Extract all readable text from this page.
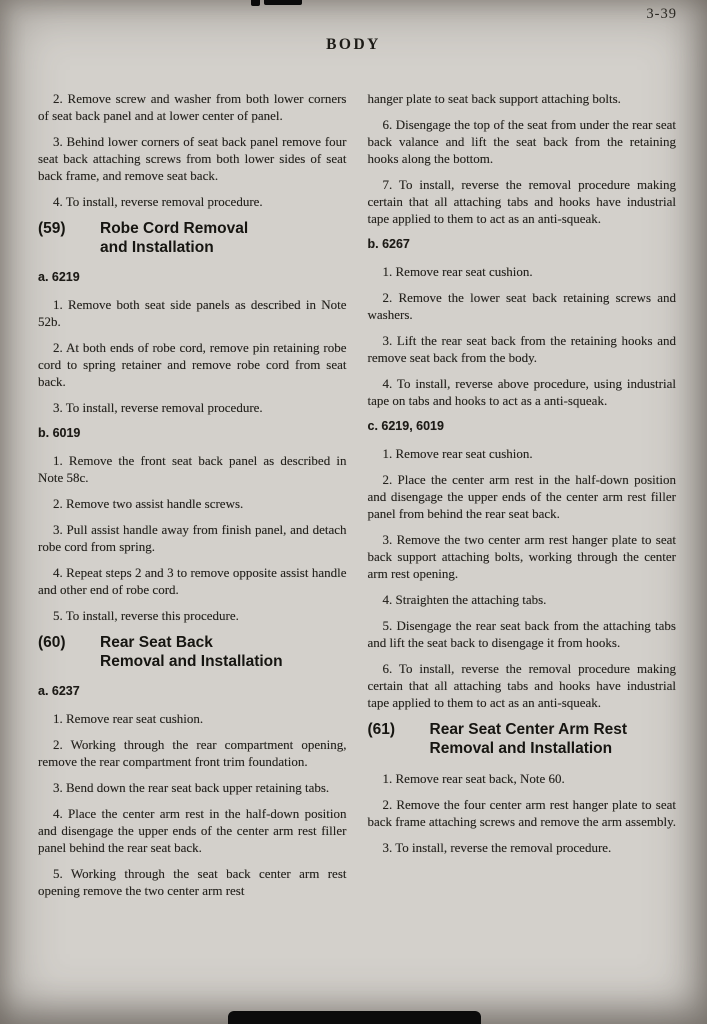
3-39
BODY

2. Remove screw and washer from both lower corners of seat back panel and at lower center of panel.

3. Behind lower corners of seat back panel remove four seat back attaching screws from both lower sides of seat back frame, and remove seat back.

4. To install, reverse removal procedure.

(59)	Robe Cord Removal
and Installation

a. 6219

1. Remove both seat side panels as described in Note 52b.

2. At both ends of robe cord, remove pin retaining robe cord to spring retainer and remove robe cord from seat back.

3. To install, reverse removal procedure.

b. 6019

1. Remove the front seat back panel as described in Note 58c.

2. Remove two assist handle screws.

3. Pull assist handle away from finish panel, and detach robe cord from spring.

4. Repeat steps 2 and 3 to remove opposite assist handle and other end of robe cord.

5. To install, reverse this procedure.

(60)	Rear Seat Back
Removal and Installation

a. 6237

1. Remove rear seat cushion.

2. Working through the rear compartment opening, remove the rear compartment front trim foundation.

3. Bend down the rear seat back upper retaining tabs.

4. Place the center arm rest in the half-down position and disengage the upper ends of the center arm rest filler panel behind the rear seat back.

5. Working through the seat back center arm rest opening remove the two center arm rest

hanger plate to seat back support attaching bolts.

6. Disengage the top of the seat from under the rear seat back valance and lift the seat back from the retaining hooks along the bottom.

7. To install, reverse the removal procedure making certain that all attaching tabs and hooks have industrial tape applied to them to act as an anti-squeak.

b. 6267

1. Remove rear seat cushion.

2. Remove the lower seat back retaining screws and washers.

3. Lift the rear seat back from the retaining hooks and remove seat back from the body.

4. To install, reverse above procedure, using industrial tape on tabs and hooks to act as a anti-squeak.

c. 6219, 6019

1. Remove rear seat cushion.

2. Place the center arm rest in the half-down position and disengage the upper ends of the center arm rest filler panel from behind the rear seat back.

3. Remove the two center arm rest hanger plate to seat back support attaching bolts, working through the center arm rest opening.

4. Straighten the attaching tabs.

5. Disengage the rear seat back from the attaching tabs and lift the seat back to disengage it from hooks.

6. To install, reverse the removal procedure making certain that all attaching tabs and hooks have industrial tape applied to them to act as an anti-squeak.

(61)	Rear Seat Center Arm Rest
Removal and Installation

1. Remove rear seat back, Note 60.

2. Remove the four center arm rest hanger plate to seat back frame attaching screws and remove the arm assembly.

3. To install, reverse the removal procedure.
